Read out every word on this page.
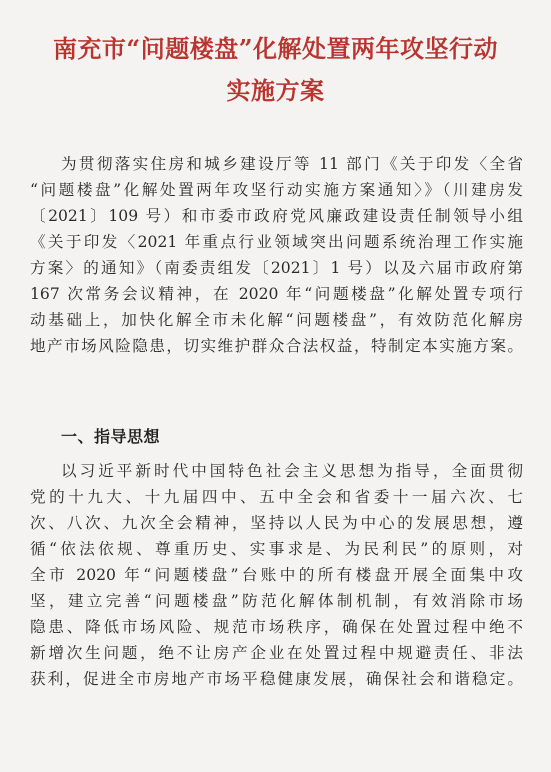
南充市“问题楼盘”化解处置两年攻坚行动
实施方案
为贯彻落实住房和城乡建设厅等 11 部门《关于印发〈全省
“问题楼盘”化解处置两年攻坚行动实施方案通知〉》（川建房发
〔2021〕109 号）和市委市政府党风廉政建设责任制领导小组
《关于印发〈2021 年重点行业领域突出问题系统治理工作实施
方案〉的通知》（南委责组发〔2021〕1 号）以及六届市政府第
167 次常务会议精神，在 2020 年“问题楼盘”化解处置专项行
动基础上，加快化解全市未化解“问题楼盘”，有效防范化解房
地产市场风险隐患，切实维护群众合法权益，特制定本实施方案。
一、指导思想
以习近平新时代中国特色社会主义思想为指导，全面贯彻
党的十九大、十九届四中、五中全会和省委十一届六次、七
次、八次、九次全会精神，坚持以人民为中心的发展思想，遵
循“依法依规、尊重历史、实事求是、为民利民”的原则，对
全市 2020 年“问题楼盘”台账中的所有楼盘开展全面集中攻
坚，建立完善“问题楼盘”防范化解体制机制，有效消除市场
隐患、降低市场风险、规范市场秩序，确保在处置过程中绝不
新增次生问题，绝不让房产企业在处置过程中规避责任、非法
获利，促进全市房地产市场平稳健康发展，确保社会和谐稳定。
